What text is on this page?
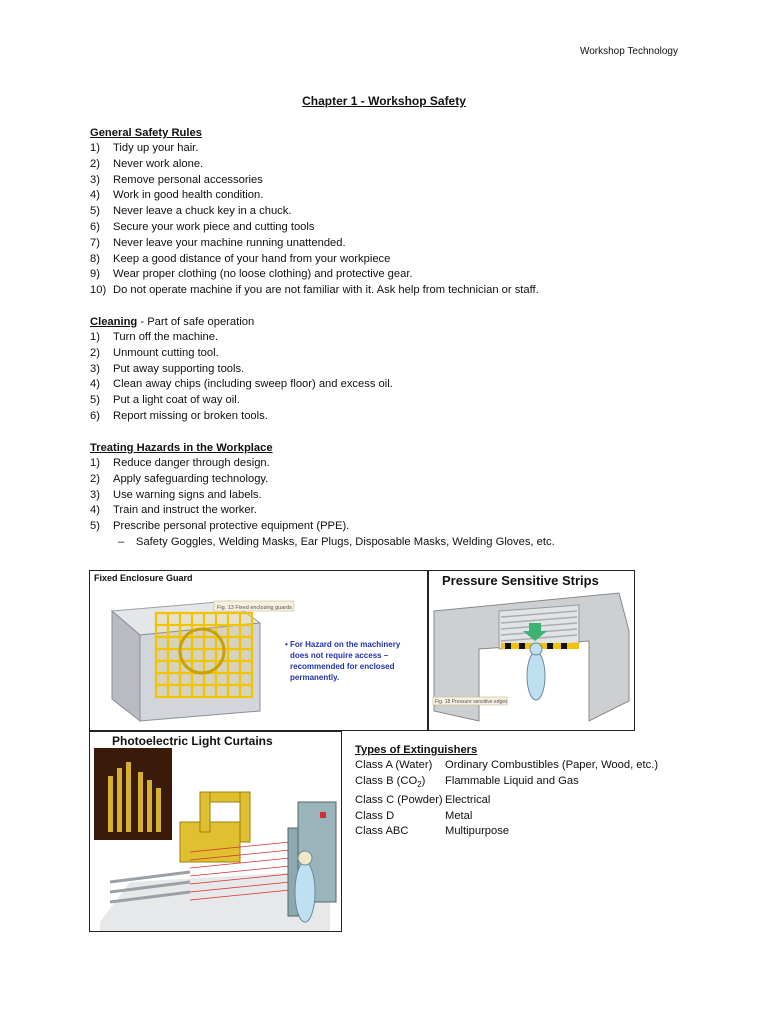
Workshop Technology
Chapter 1 - Workshop Safety
General Safety Rules
1) Tidy up your hair.
2) Never work alone.
3) Remove personal accessories
4) Work in good health condition.
5) Never leave a chuck key in a chuck.
6) Secure your work piece and cutting tools
7) Never leave your machine running unattended.
8) Keep a good distance of your hand from your workpiece
9) Wear proper clothing (no loose clothing) and protective gear.
10) Do not operate machine if you are not familiar with it. Ask help from technician or staff.
Cleaning - Part of safe operation
1) Turn off the machine.
2) Unmount cutting tool.
3) Put away supporting tools.
4) Clean away chips (including sweep floor) and excess oil.
5) Put a light coat of way oil.
6) Report missing or broken tools.
Treating Hazards in the Workplace
1) Reduce danger through design.
2) Apply safeguarding technology.
3) Use warning signs and labels.
4) Train and instruct the worker.
5) Prescribe personal protective equipment (PPE).
– Safety Goggles, Welding Masks, Ear Plugs, Disposable Masks, Welding Gloves, etc.
Fig. 13 Fixed enclosing guards
• For Hazard on the machinery
does not require access –
recommended for enclosed
permanently.
Fixed Enclosure Guard	Pressure Sensitive Strips
Fig. 18 Pressure sensitive edges
Photoelectric Light Curtains
Types of Extinguishers
Class A (Water)	Ordinary Combustibles (Paper, Wood, etc.)
Class B $(CO_2)$	Flammable Liquid and Gas
Class C (Powder)	Electrical
Class D	Metal
Class ABC	Multipurpose
